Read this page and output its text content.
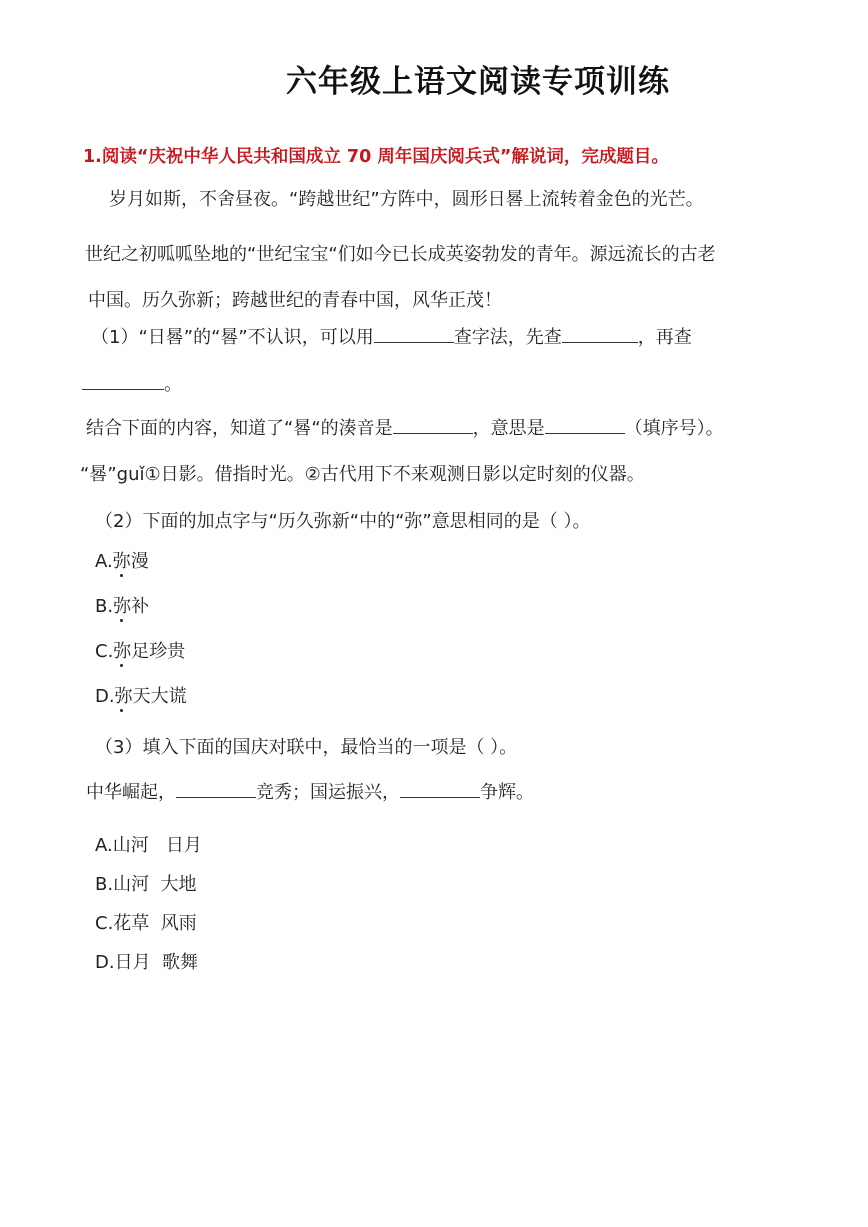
六年级上语文阅读专项训练
1.阅读“庆祝中华人民共和国成立 70 周年国庆阅兵式”解说词，完成题目。
岁月如斯，不舍昼夜。“跨越世纪”方阵中，圆形日晷上流转着金色的光芒。
世纪之初呱呱坠地的“世纪宝宝“们如今已长成英姿勃发的青年。源远流长的古老
中国。历久弥新；跨越世纪的青春中国，风华正茂！
（1）“日晷”的“晷”不认识，可以用	查字法，先查	，再查
。
结合下面的内容，知道了“晷“的湊音是	，意思是	（填序号）。
“晷”guǐ①日影。借指时光。②古代用下不来观测日影以定时刻的仪器。
（2）下面的加点字与“历久弥新“中的“弥”意思相同的是（ ）。
A.弥漫
B.弥补
C.弥足珍贵
D.弥天大谎
（3）填入下面的国庆对联中，最恰当的一项是（ ）。
中华崛起，	竞秀；国运振兴，	争辉。
A.山河   日月
B.山河  大地
C.花草  风雨
D.日月  歌舞
